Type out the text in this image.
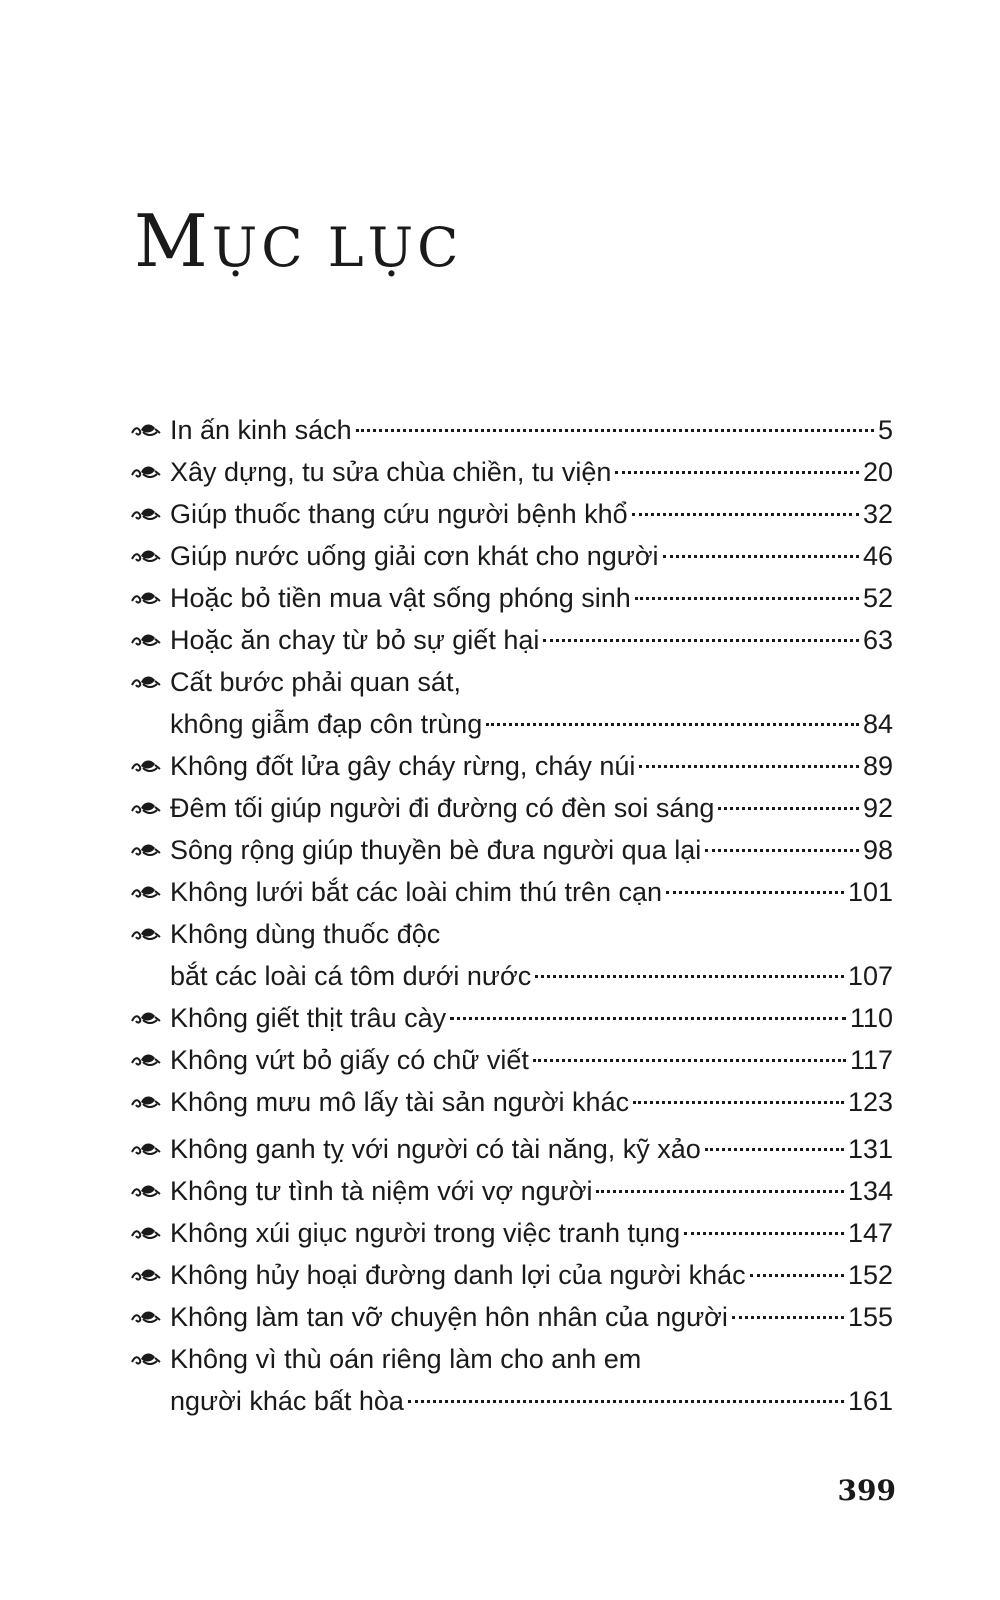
MỤC LỤC
In ấn kinh sách	5
Xây dựng, tu sửa chùa chiền, tu viện	20
Giúp thuốc thang cứu người bệnh khổ	32
Giúp nước uống giải cơn khát cho người	46
Hoặc bỏ tiền mua vật sống phóng sinh	52
Hoặc ăn chay từ bỏ sự giết hại	63
Cất bước phải quan sát,
không giẫm đạp côn trùng	84
Không đốt lửa gây cháy rừng, cháy núi	89
Đêm tối giúp người đi đường có đèn soi sáng	92
Sông rộng giúp thuyền bè đưa người qua lại	98
Không lưới bắt các loài chim thú trên cạn	101
Không dùng thuốc độc
bắt các loài cá tôm dưới nước	107
Không giết thịt trâu cày	110
Không vứt bỏ giấy có chữ viết	117
Không mưu mô lấy tài sản người khác	123
Không ganh tỵ với người có tài năng, kỹ xảo	131
Không tư tình tà niệm với vợ người	134
Không xúi giục người trong việc tranh tụng	147
Không hủy hoại đường danh lợi của người khác	152
Không làm tan vỡ chuyện hôn nhân của người	155
Không vì thù oán riêng làm cho anh em
người khác bất hòa	161

399
